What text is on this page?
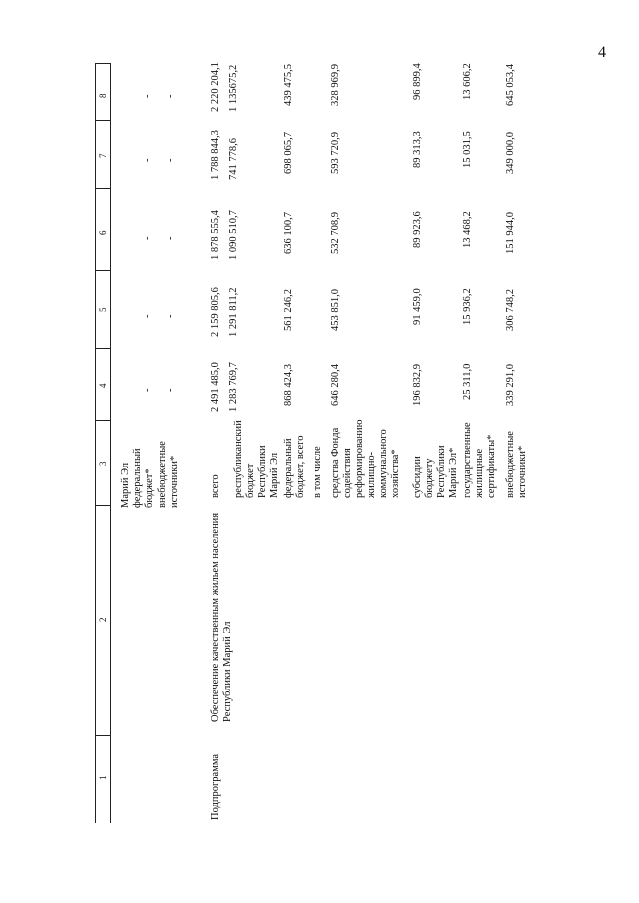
4
8
7
6
5
4
3
2
1
Марий Эл федеральный бюджет* внебюджетные источники*
-
-
-
-
-
-
-
-
-
-
Подпрограмма
Обеспечение качественным жильем населения Республики Марий Эл
всего республиканский бюджет Республики Марий Эл федеральный бюджет, всего в том числе средства Фонда содействия реформированию жилищно- коммунального хозяйства* субсидии бюджету Республики Марий Эл* государственные жилищные сертификаты* внебюджетные источники*
2 491 485,0
2 159 805,6
1 878 555,4
1 788 844,3
2 220 204,1
1 283 769,7
1 291 811,2
1 090 510,7
741 778,6
1 135675,2
868 424,3
561 246,2
636 100,7
698 065,7
439 475,5
646 280,4
453 851,0
532 708,9
593 720,9
328 969,9
196 832,9
91 459,0
89 923,6
89 313,3
96 899,4
25 311,0
15 936,2
13 468,2
15 031,5
13 606,2
339 291,0
306 748,2
151 944,0
349 000,0
645 053,4
